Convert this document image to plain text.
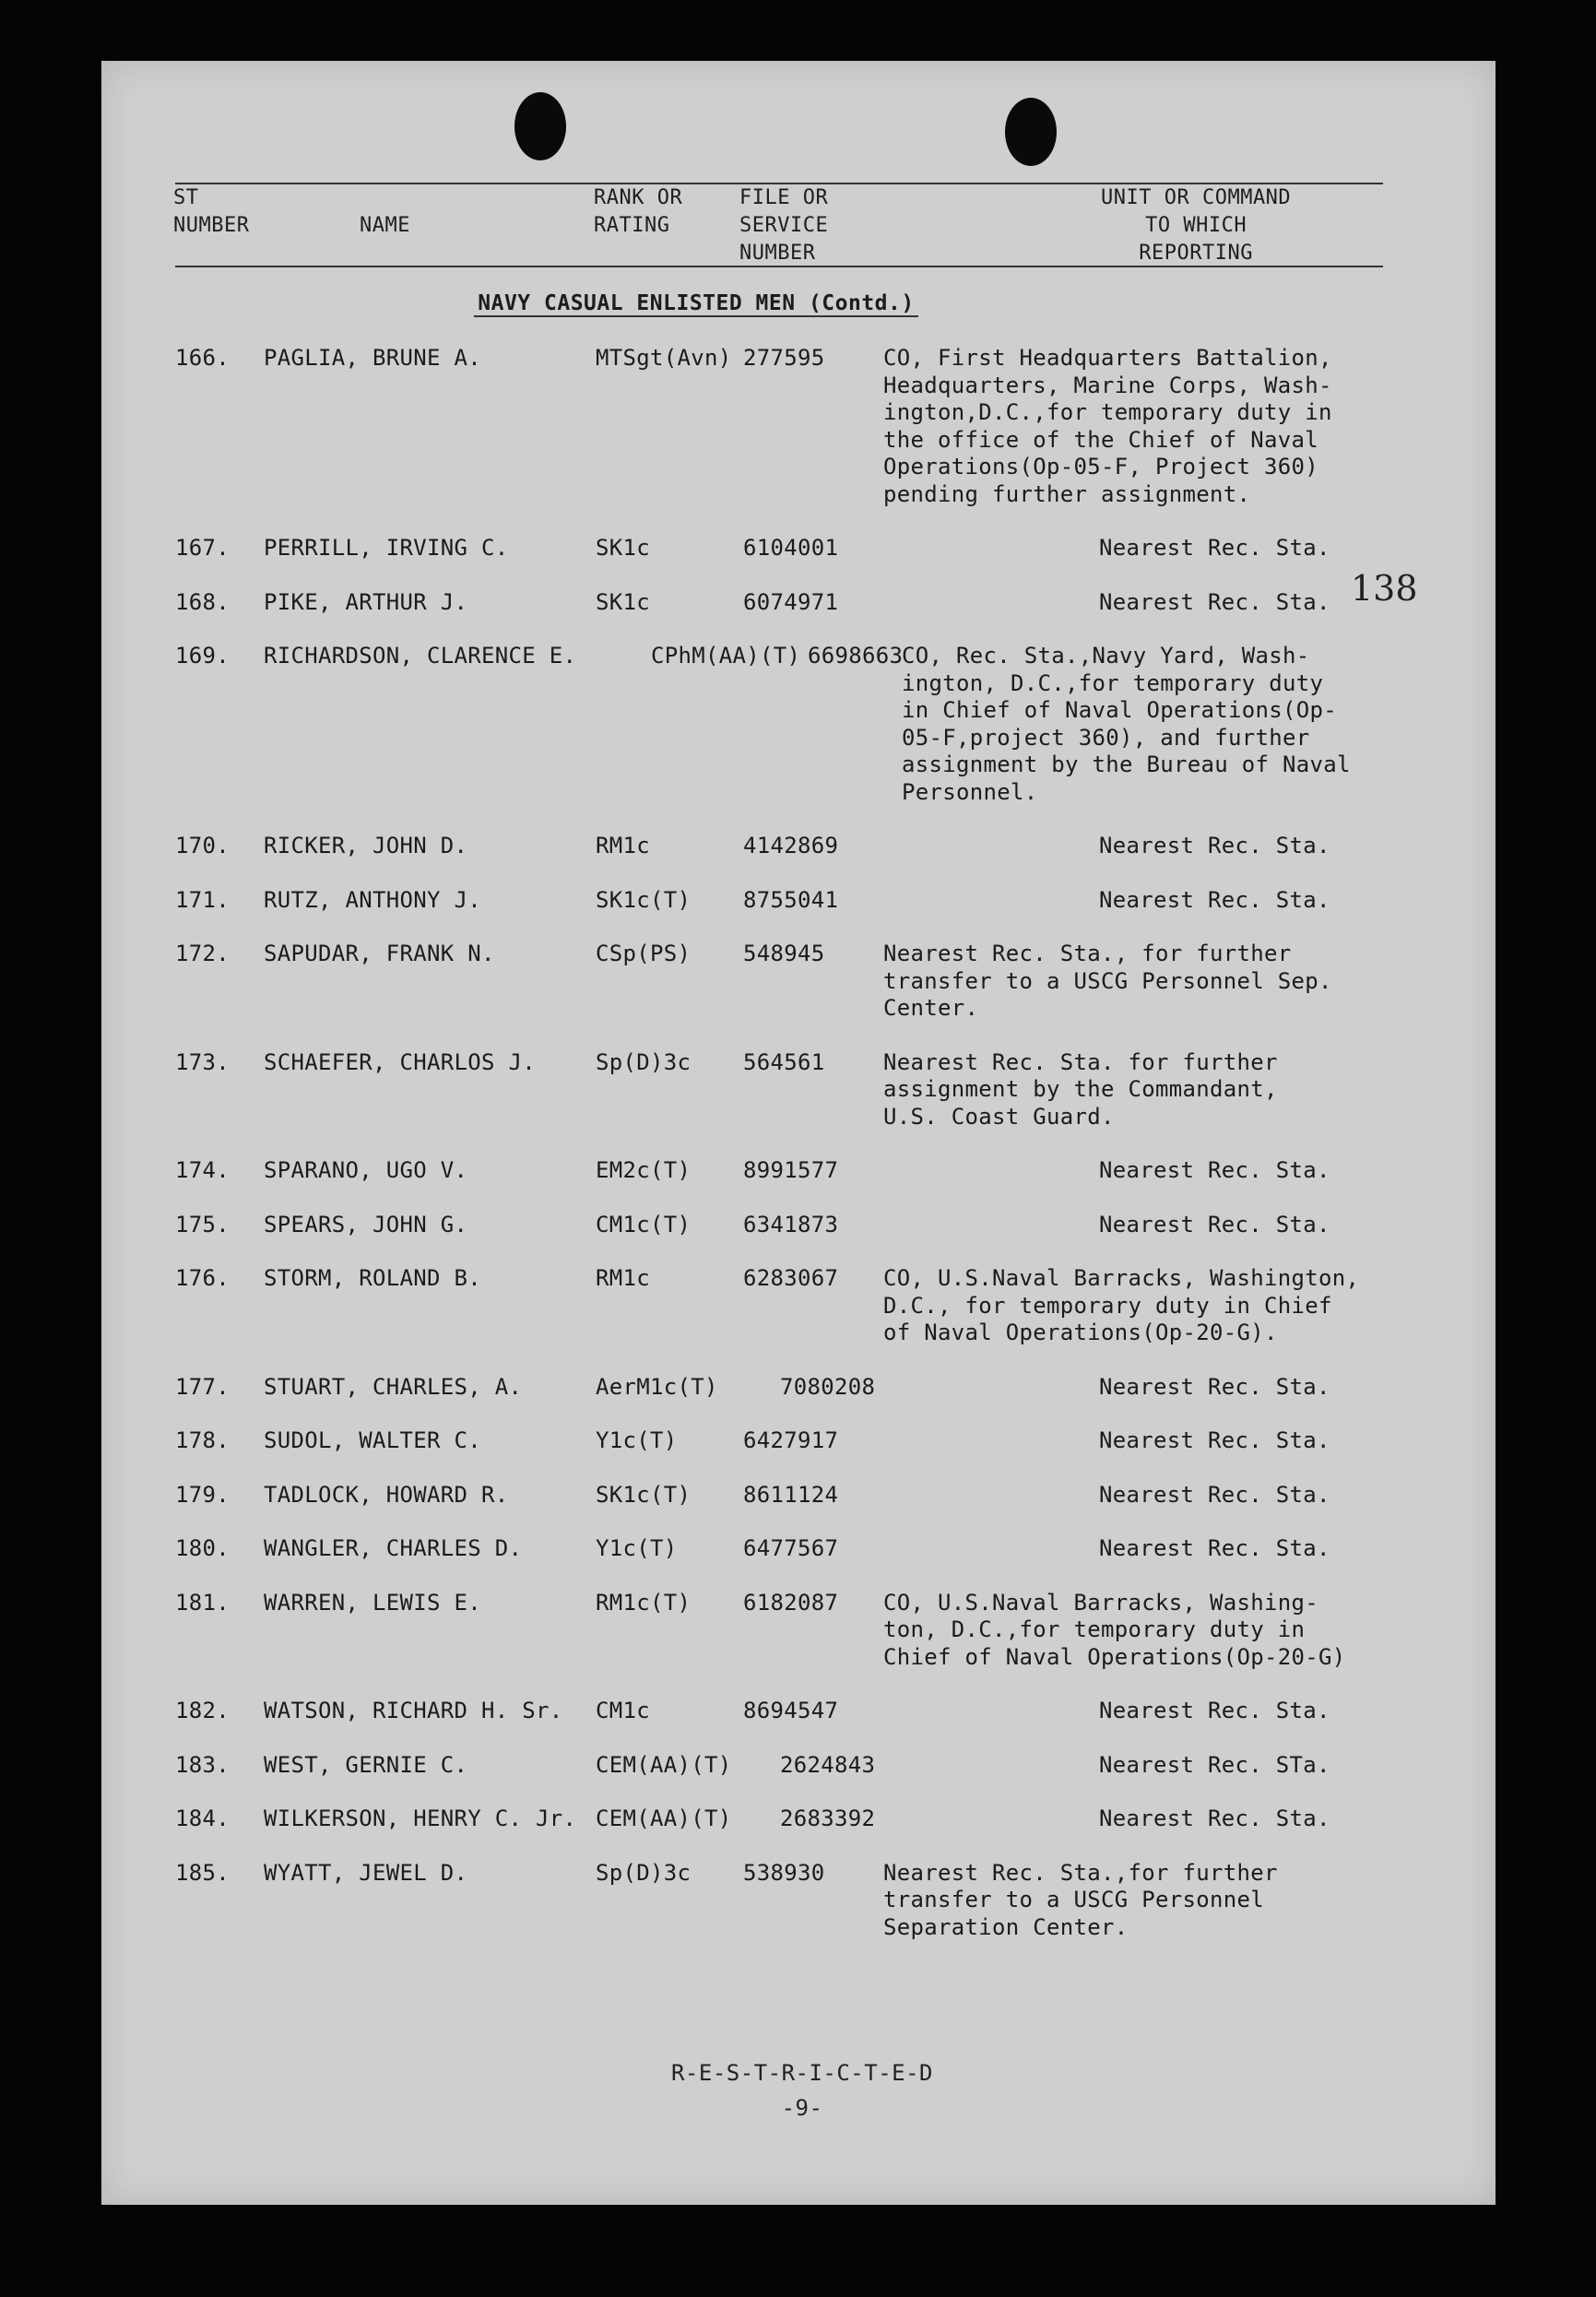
138
ST
NUMBER	NAME
RANK OR
RATING
FILE OR
SERVICE
NUMBER
UNIT OR COMMAND
TO WHICH
REPORTING
NAVY CASUAL ENLISTED MEN (Contd.)
166.	PAGLIA, BRUNE A.	MTSgt(Avn) 277595	CO, First Headquarters Battalion,
Headquarters, Marine Corps, Wash-
ington,D.C.,for temporary duty in
the office of the Chief of Naval
Operations(Op-05-F, Project 360)
pending further assignment.
167.	PERRILL, IRVING C.	SK1c	6104001	Nearest Rec. Sta.
168.	PIKE, ARTHUR J.	SK1c	6074971	Nearest Rec. Sta.
169.	RICHARDSON, CLARENCE E.	CPhM(AA)(T) 6698663
CO, Rec. Sta.,Navy Yard, Wash-
ington, D.C.,for temporary duty
in Chief of Naval Operations(Op-
05-F,project 360), and further
assignment by the Bureau of Naval
Personnel.
170.	RICKER, JOHN D.	RM1c	4142869	Nearest Rec. Sta.
171.	RUTZ, ANTHONY J.	SK1c(T)	8755041	Nearest Rec. Sta.
172.	SAPUDAR, FRANK N.	CSp(PS)	548945	Nearest Rec. Sta., for further
transfer to a USCG Personnel Sep.
Center.
173.	SCHAEFER, CHARLOS J.	Sp(D)3c	564561	Nearest Rec. Sta. for further
assignment by the Commandant,
U.S. Coast Guard.
174.	SPARANO, UGO V.	EM2c(T)	8991577	Nearest Rec. Sta.
175.	SPEARS, JOHN G.	CM1c(T)	6341873	Nearest Rec. Sta.
176.	STORM, ROLAND B.	RM1c	6283067	CO, U.S.Naval Barracks, Washington,
D.C., for temporary duty in Chief
of Naval Operations(Op-20-G).
177.	STUART, CHARLES, A.	AerM1c(T)	7080208	Nearest Rec. Sta.
178.	SUDOL, WALTER C.	Y1c(T)	6427917	Nearest Rec. Sta.
179.	TADLOCK, HOWARD R.	SK1c(T)	8611124	Nearest Rec. Sta.
180.	WANGLER, CHARLES D.	Y1c(T)	6477567	Nearest Rec. Sta.
181.	WARREN, LEWIS E.	RM1c(T)	6182087	CO, U.S.Naval Barracks, Washing-
ton, D.C.,for temporary duty in
Chief of Naval Operations(Op-20-G)
182.	WATSON, RICHARD H. Sr.	CM1c	8694547	Nearest Rec. Sta.
183.	WEST, GERNIE C.	CEM(AA)(T)	2624843	Nearest Rec. STa.
184.	WILKERSON, HENRY C. Jr. CEM(AA)(T)	2683392	Nearest Rec. Sta.
185.	WYATT, JEWEL D.	Sp(D)3c	538930	Nearest Rec. Sta.,for further
transfer to a USCG Personnel
Separation Center.
R-E-S-T-R-I-C-T-E-D
-9-
